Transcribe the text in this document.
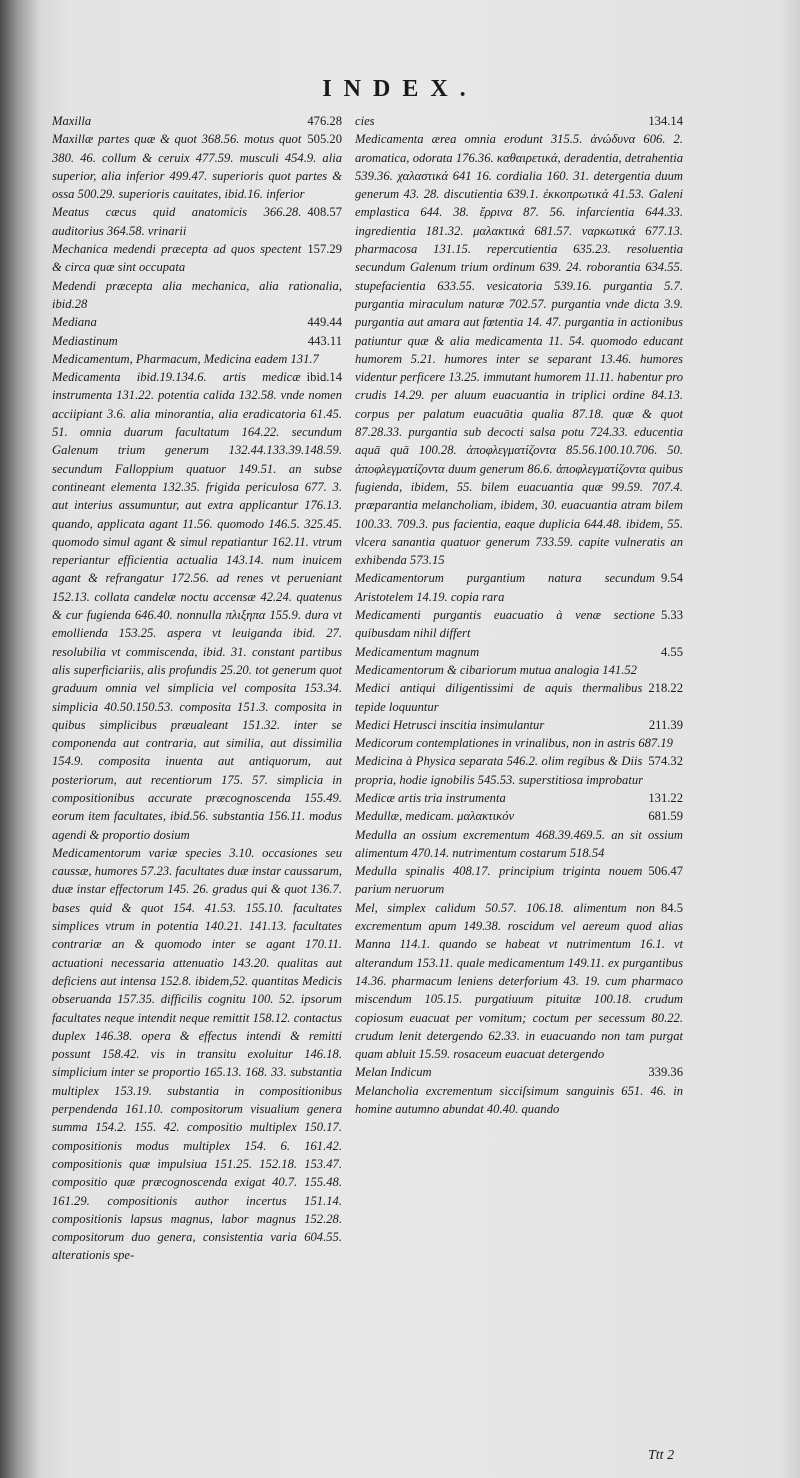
INDEX.

476.28

Maxilla

505.20
Maxillæ partes quæ & quot 368.56. motus quot 380. 46. collum & ceruix 477.59. musculi 454.9. alia superior, alia inferior 499.47. superioris quot partes & ossa 500.29. superioris cauitates, ibid.16. inferior

408.57
Meatus cæcus quid anatomicis 366.28. auditorius 364.58. vrinarii

157.29
Mechanica medendi præcepta ad quos spectent & circa quæ sint occupata

Medendi præcepta alia mechanica, alia rationalia, ibid.28

449.44
Mediana

443.11
Mediastinum

Medicamentum, Pharmacum, Medicina eadem 131.7

ibid.14
Medicamenta ibid.19.134.6. artis medicæ instrumenta 131.22. potentia calida 132.58. vnde nomen acciipiant 3.6. alia minorantia, alia eradicatoria 61.45. 51. omnia duarum facultatum 164.22. secundum Galenum trium generum 132.44.133.39.148.59. secundum Falloppium quatuor 149.51. an subse contineant elementa 132.35. frigida periculosa 677. 3. aut interius assumuntur, aut extra applicantur 176.13. quando, applicata agant 11.56. quomodo 146.5. 325.45. quomodo simul agant & simul repatiantur 162.11. vtrum reperiantur efficientia actualia 143.14. num inuicem agant & refrangatur 172.56. ad renes vt perueniant 152.13. collata candelæ noctu accensæ 42.24. quatenus & cur fugienda 646.40. nonnulla πλιξηπα 155.9. dura vt emollienda 153.25. aspera vt leuiganda ibid. 27. resolubilia vt commiscenda, ibid. 31. constant partibus alis superficiariis, alis profundis 25.20. tot generum quot graduum omnia vel simplicia vel composita 153.34. simplicia 40.50.150.53. composita 151.3. composita in quibus simplicibus præualeant 151.32. inter se componenda aut contraria, aut similia, aut dissimilia 154.9. composita inuenta aut antiquorum, aut posteriorum, aut recentiorum 175. 57. simplicia in compositionibus accurate præcognoscenda 155.49. eorum item facultates, ibid.56. substantia 156.11. modus agendi & proportio dosium

Medicamentorum variæ species 3.10. occasiones seu caussæ, humores 57.23. facultates duæ instar caussarum, duæ instar effectorum 145. 26. gradus qui & quot 136.7. bases quid & quot 154. 41.53. 155.10. facultates simplices vtrum in potentia 140.21. 141.13. facultates contrariæ an & quomodo inter se agant 170.11. actuationi necessaria attenuatio 143.20. qualitas aut deficiens aut intensa 152.8. ibidem,52. quantitas Medicis obseruanda 157.35. difficilis cognitu 100. 52. ipsorum facultates neque intendit neque remittit 158.12. contactus duplex 146.38. opera & effectus intendi & remitti possunt 158.42. vis in transitu exoluitur 146.18. simplicium inter se proportio 165.13. 168. 33. substantia multiplex 153.19. substantia in compositionibus perpendenda 161.10. compositorum visualium genera summa 154.2. 155. 42. compositio multiplex 150.17. compositionis modus multiplex 154. 6. 161.42. compositionis quæ impulsiua 151.25. 152.18. 153.47. compositio quæ præcognoscenda exigat 40.7. 155.48. 161.29. compositionis author incertus 151.14. compositionis lapsus magnus, labor magnus 152.28. compositorum duo genera, consistentia varia 604.55. alterationis spe-

134.14
cies

Medicamenta ærea omnia erodunt 315.5. ἀνώδυνα 606. 2. aromatica, odorata 176.36. καθαιρετικά, deradentia, detrahentia 539.36. χαλαστικά 641 16. cordialia 160. 31. detergentia duum generum 43. 28. discutientia 639.1. ἐκκοπρωτικά 41.53. Galeni emplastica 644. 38. ἔρρινα 87. 56. infarcientia 644.33. ingredientia 181.32. μαλακτικά 681.57. ναρκωτικά 677.13. pharmacosa 131.15. repercutientia 635.23. resoluentia secundum Galenum trium ordinum 639. 24. roborantia 634.55. stupefacientia 633.55. vesicatoria 539.16. purgantia 5.7. purgantia miraculum naturæ 702.57. purgantia vnde dicta 3.9. purgantia aut amara aut fœtentia 14. 47. purgantia in actionibus patiuntur quæ & alia medicamenta 11. 54. quomodo educant humorem 5.21. humores inter se separant 13.46. humores videntur perficere 13.25. immutant humorem 11.11. habentur pro crudis 14.29. per aluum euacuantia in triplici ordine 84.13. corpus per palatum euacuātia qualia 87.18. quæ & quot 87.28.33. purgantia sub decocti salsa potu 724.33. educentia aquā quā 100.28. ἀποφλεγματίζοντα 85.56.100.10.706. 50. ἀποφλεγματίζοντα duum generum 86.6. ἀποφλεγματίζοντα quibus fugienda, ibidem, 55. bilem euacuantia quæ 99.59. 707.4. præparantia melancholiam, ibidem, 30. euacuantia atram bilem 100.33. 709.3. pus facientia, eaque duplicia 644.48. ibidem, 55. vlcera sanantia quatuor generum 733.59. capite vulneratis an exhibenda 573.15

9.54
Medicamentorum purgantium natura secundum Aristotelem 14.19. copia rara

5.33
Medicamenti purgantis euacuatio à venæ sectione quibusdam nihil differt

4.55
Medicamentum magnum

Medicamentorum & cibariorum mutua analogia 141.52

218.22
Medici antiqui diligentissimi de aquis thermalibus tepide loquuntur

211.39
Medici Hetrusci inscitia insimulantur

Medicorum contemplationes in vrinalibus, non in astris 687.19

574.32
Medicina à Physica separata 546.2. olim regibus & Diis propria, hodie ignobilis 545.53. superstitiosa improbatur

131.22
Medicæ artis tria instrumenta

681.59
Medullæ, medicam. μαλακτικόν

Medulla an ossium excrementum 468.39.469.5. an sit ossium alimentum 470.14. nutrimentum costarum 518.54

506.47
Medulla spinalis 408.17. principium triginta nouem parium neruorum

84.5
Mel, simplex calidum 50.57. 106.18. alimentum non excrementum apum 149.38. roscidum vel aereum quod alias Manna 114.1. quando se habeat vt nutrimentum 16.1. vt alterandum 153.11. quale medicamentum 149.11. ex purgantibus 14.36. pharmacum leniens deterforium 43. 19. cum pharmaco miscendum 105.15. purgatiuum pituitæ 100.18. crudum copiosum euacuat per vomitum; coctum per secessum 80.22. crudum lenit detergendo 62.33. in euacuando non tam purgat quam abluit 15.59. rosaceum euacuat detergendo

339.36
Melan Indicum

Melancholia excrementum sicciſsimum sanguinis 651. 46. in homine autumno abundat 40.40. quando

Ttt 2
